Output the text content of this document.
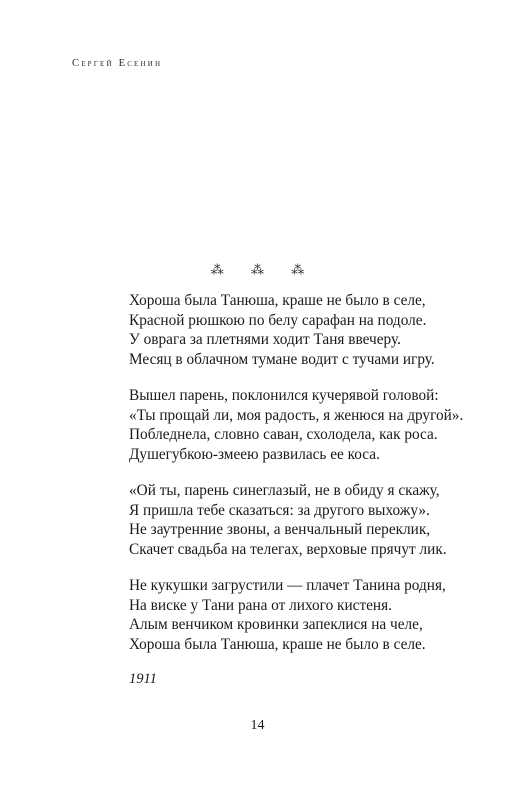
Сергей Есенин
⁂ ⁂ ⁂
Хороша была Танюша, краше не было в селе,
Красной рюшкою по белу сарафан на подоле.
У оврага за плетнями ходит Таня ввечеру.
Месяц в облачном тумане водит с тучами игру.
Вышел парень, поклонился кучерявой головой:
«Ты прощай ли, моя радость, я женюся на другой».
Побледнела, словно саван, схолодела, как роса.
Душегубкою-змеею развилась ее коса.
«Ой ты, парень синеглазый, не в обиду я скажу,
Я пришла тебе сказаться: за другого выхожу».
Не заутренние звоны, а венчальный переклик,
Скачет свадьба на телегах, верховые прячут лик.
Не кукушки загрустили — плачет Танина родня,
На виске у Тани рана от лихого кистеня.
Алым венчиком кровинки запеклися на челе,
Хороша была Танюша, краше не было в селе.
1911
14
